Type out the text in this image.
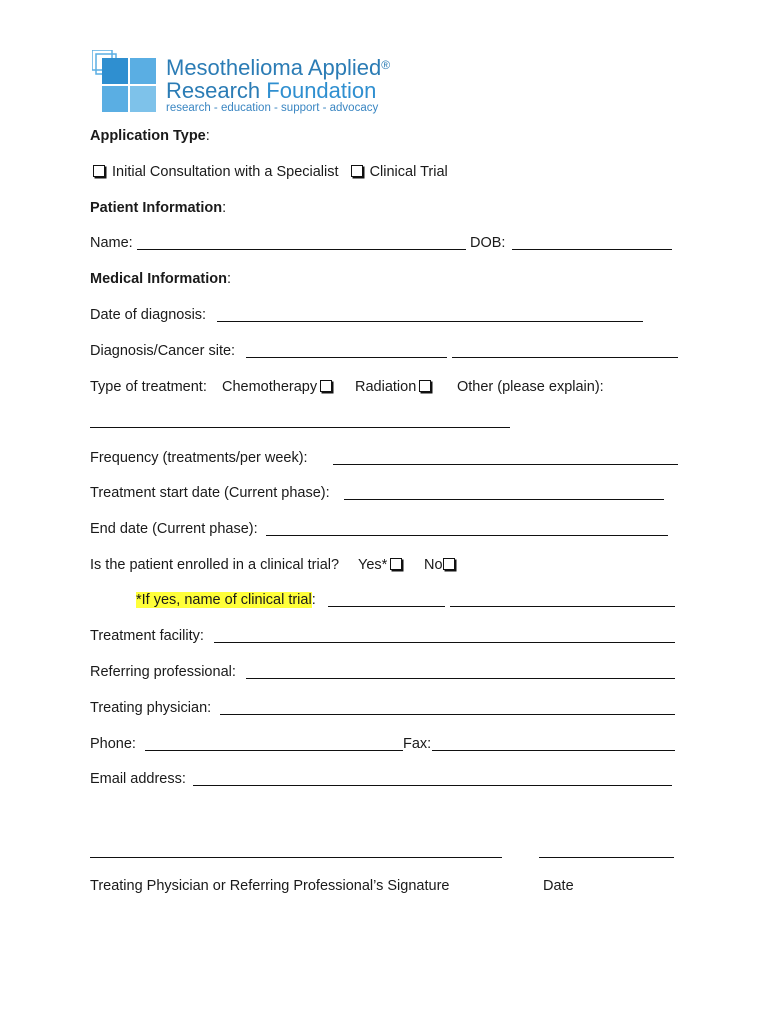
Mesothelioma Applied®
Research Foundation
research - education - support - advocacy
Application Type:
Initial Consultation with a Specialist Clinical Trial
Patient Information:
Name:	DOB:
Medical Information:
Date of diagnosis:
Diagnosis/Cancer site:
Type of treatment: Chemotherapy	Radiation	Other (please explain):
Frequency (treatments/per week):
Treatment start date (Current phase):
End date (Current phase):
Is the patient enrolled in a clinical trial? Yes*	No
*If yes, name of clinical trial:
Treatment facility:
Referring professional:
Treating physician:
Phone:	Fax:
Email address:
Treating Physician or Referring Professional’s Signature	Date
